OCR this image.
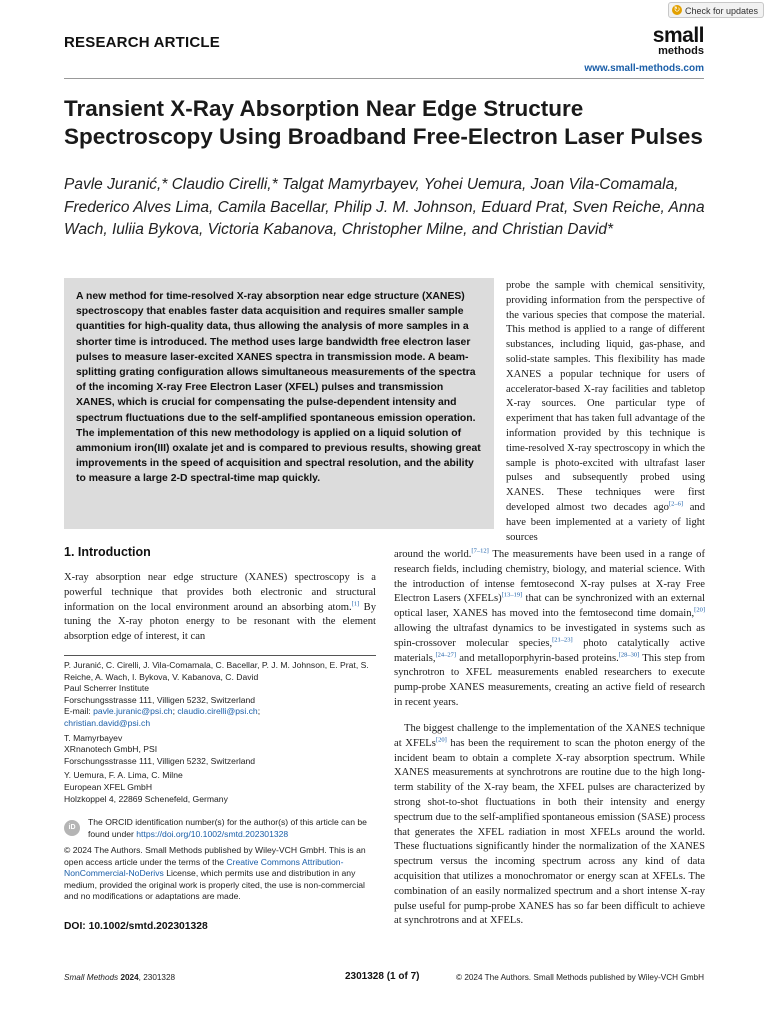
↻ Check for updates
RESEARCH ARTICLE	small
methods
www.small-methods.com
Transient X-Ray Absorption Near Edge Structure Spectroscopy Using Broadband Free-Electron Laser Pulses
Pavle Juranić,* Claudio Cirelli,* Talgat Mamyrbayev, Yohei Uemura, Joan Vila-Comamala, Frederico Alves Lima, Camila Bacellar, Philip J. M. Johnson, Eduard Prat, Sven Reiche, Anna Wach, Iuliia Bykova, Victoria Kabanova, Christopher Milne, and Christian David*

A new method for time-resolved X-ray absorption near edge structure (XANES) spectroscopy that enables faster data acquisition and requires smaller sample quantities for high-quality data, thus allowing the analysis of more samples in a shorter time is introduced. The method uses large bandwidth free electron laser pulses to measure laser-excited XANES spectra in transmission mode. A beam-splitting grating configuration allows simultaneous measurements of the spectra of the incoming X-ray Free Electron Laser (XFEL) pulses and transmission XANES, which is crucial for compensating the pulse-dependent intensity and spectrum fluctuations due to the self-amplified spontaneous emission operation. The implementation of this new methodology is applied on a liquid solution of ammonium iron(III) oxalate jet and is compared to previous results, showing great improvements in the speed of acquisition and spectral resolution, and the ability to measure a large 2-D spectral-time map quickly.

probe the sample with chemical sensitivity, providing information from the perspective of the various species that compose the material. This method is applied to a range of different substances, including liquid, gas-phase, and solid-state samples. This flexibility has made XANES a popular technique for users of accelerator-based X-ray facilities and tabletop X-ray sources. One particular type of experiment that has taken full advantage of the information provided by this technique is time-resolved X-ray spectroscopy in which the sample is photo-excited with ultrafast laser pulses and subsequently probed using XANES. These techniques were first developed almost two decades ago[2–6] and have been implemented at a variety of light sources

around the world.[7–12] The measurements have been used in a range of research fields, including chemistry, biology, and material science. With the introduction of intense femtosecond X-ray pulses at X-ray Free Electron Lasers (XFELs)[13–19] that can be synchronized with an external optical laser, XANES has moved into the femtosecond time domain,[20] allowing the ultrafast dynamics to be investigated in systems such as spin-crossover molecular species,[21–23] photo catalytically active materials,[24–27] and metalloporphyrin-based proteins.[28–30] This step from synchrotron to XFEL measurements enabled researchers to execute pump-probe XANES measurements, creating an active field of research in recent years.

The biggest challenge to the implementation of the XANES technique at XFELs[20] has been the requirement to scan the photon energy of the incident beam to obtain a complete X-ray absorption spectrum. While XANES measurements at synchrotrons are routine due to the high long-term stability of the X-ray beam, the XFEL pulses are characterized by strong shot-to-shot fluctuations in both their intensity and energy spectrum due to the self-amplified spontaneous emission (SASE) process that generates the XFEL radiation in most XFELs around the world. These fluctuations significantly hinder the normalization of the XANES spectrum versus the incoming spectrum across any kind of data acquisition that utilizes a monochromator or energy scan at XFELs. The combination of an easily normalized spectrum and a short intense X-ray pulse useful for pump-probe XANES has so far been difficult to achieve at synchrotrons and at XFELs.

1. Introduction

X-ray absorption near edge structure (XANES) spectroscopy is a powerful technique that provides both electronic and structural information on the local environment around an absorbing atom.[1] By tuning the X-ray photon energy to be resonant with the element absorption edge of interest, it can

P. Juranić, C. Cirelli, J. Vila-Comamala, C. Bacellar, P. J. M. Johnson, E. Prat, S. Reiche, A. Wach, I. Bykova, V. Kabanova, C. David

Paul Scherrer Institute

Forschungsstrasse 111, Villigen 5232, Switzerland

E-mail: pavle.juranic@psi.ch; claudio.cirelli@psi.ch;
christian.david@psi.ch

T. Mamyrbayev

XRnanotech GmbH, PSI

Forschungsstrasse 111, Villigen 5232, Switzerland

Y. Uemura, F. A. Lima, C. Milne

European XFEL GmbH

Holzkoppel 4, 22869 Schenefeld, Germany

iD

The ORCID identification number(s) for the author(s) of this article can be found under https://doi.org/10.1002/smtd.202301328

© 2024 The Authors. Small Methods published by Wiley-VCH GmbH. This is an open access article under the terms of the Creative Commons Attribution-NonCommercial-NoDerivs License, which permits use and distribution in any medium, provided the original work is properly cited, the use is non-commercial and no modifications or adaptations are made.

DOI: 10.1002/smtd.202301328
Small Methods 2024, 2301328	2301328 (1 of 7)	© 2024 The Authors. Small Methods published by Wiley-VCH GmbH
